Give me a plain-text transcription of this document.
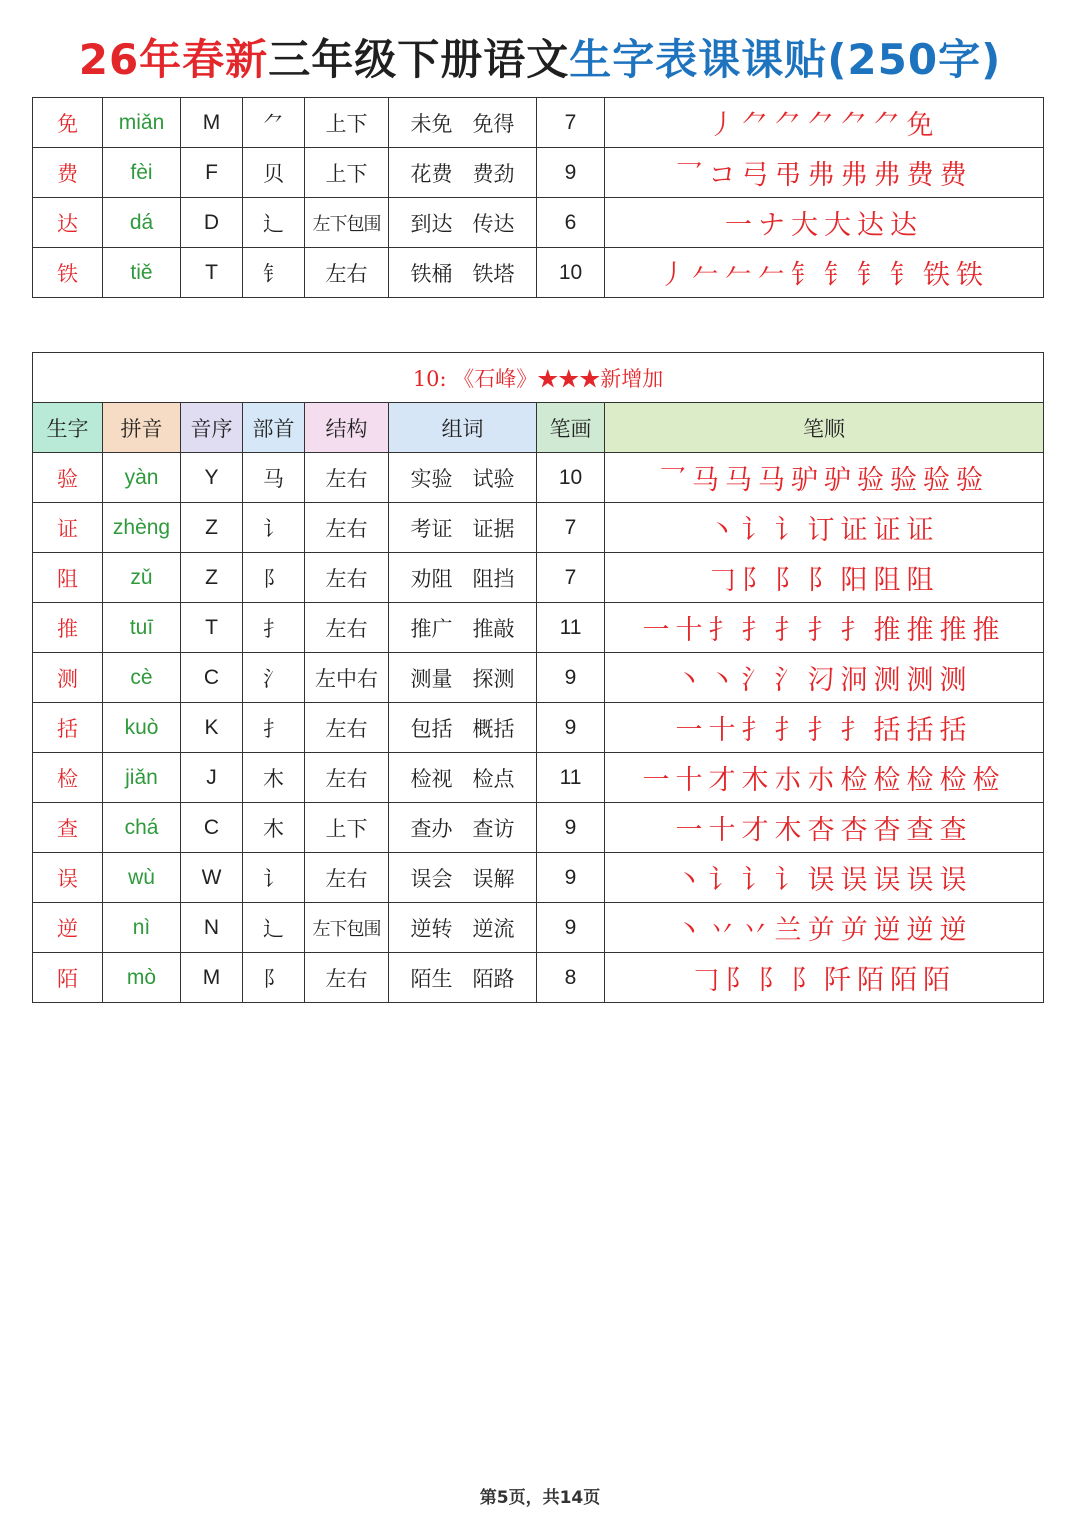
26年春新三年级下册语文生字表课课贴(250字)
免	miǎn	M	⺈	上下	未免 免得	7	丿 ⺈ ⺈ ⺈ ⺈ ⺈ 免
费	fèi	F	贝	上下	花费 费劲	9	乛 コ 弓 弔 弗 弗 弗 费 费
达	dá	D	辶	左下包围	到达 传达	6	一 ナ 大 大 达 达
铁	tiě	T	钅	左右	铁桶 铁塔	10	丿 𠂉 𠂉 𠂉 钅 钅 钅 钅 铁 铁
10: 《石峰》★★★新增加							
生字	拼音	音序	部首	结构	组词	笔画	笔顺
验	yàn	Y	马	左右	实验 试验	10	乛 马 马 马 驴 驴 验 验 验 验
证	zhèng	Z	讠	左右	考证 证据	7	丶 讠 讠 订 证 证 证
阻	zǔ	Z	阝	左右	劝阻 阻挡	7	𠃌 阝 阝 阝 阳 阻 阻
推	tuī	T	扌	左右	推广 推敲	11	一 十 扌 扌 扌 扌 扌 推 推 推 推
测	cè	C	氵	左中右	测量 探测	9	丶 丶 氵 氵 汈 泂 测 测 测
括	kuò	K	扌	左右	包括 概括	9	一 十 扌 扌 扌 扌 括 括 括
检	jiǎn	J	木	左右	检视 检点	11	一 十 才 木 朩 朩 检 检 检 检 检
查	chá	C	木	上下	查办 查访	9	一 十 才 木 杏 杏 杳 查 查
误	wù	W	讠	左右	误会 误解	9	丶 讠 讠 讠 误 误 误 误 误
逆	nì	N	辶	左下包围	逆转 逆流	9	丶 丷 丷 兰 屰 屰 逆 逆 逆
陌	mò	M	阝	左右	陌生 陌路	8	𠃌 阝 阝 阝 阡 陌 陌 陌
第5页，共14页
